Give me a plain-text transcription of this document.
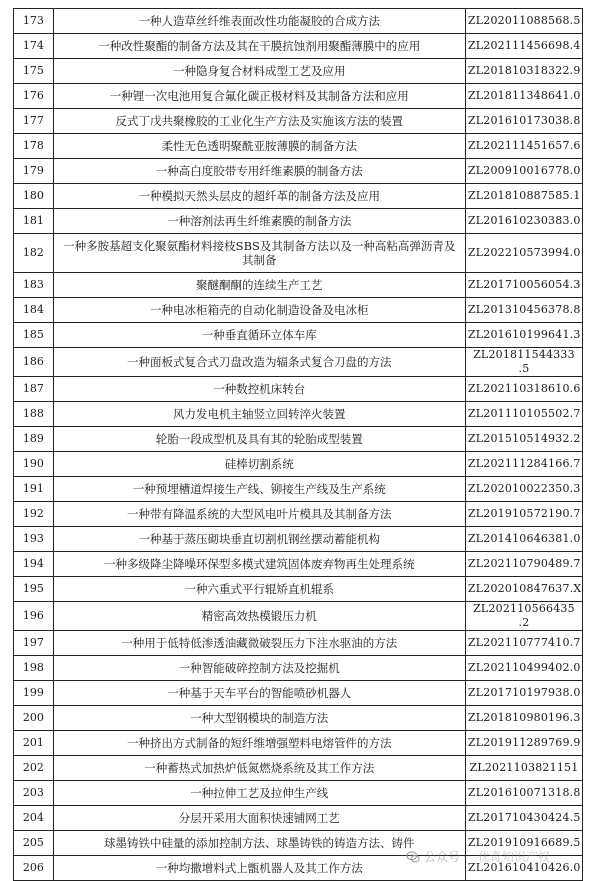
173	一种人造草丝纤维表面改性功能凝胶的合成方法	ZL202011088568.5
174	一种改性聚酯的制备方法及其在干膜抗蚀剂用聚酯薄膜中的应用	ZL202111456698.4
175	一种隐身复合材料成型工艺及应用	ZL201810318322.9
176	一种锂一次电池用复合氟化碳正极材料及其制备方法和应用	ZL201811348641.0
177	反式丁戊共聚橡胶的工业化生产方法及实施该方法的装置	ZL201610173038.8
178	柔性无色透明聚酰亚胺薄膜的制备方法	ZL202111451657.6
179	一种高白度胶带专用纤维素膜的制备方法	ZL200910016778.0
180	一种模拟天然头层皮的超纤革的制备方法及应用	ZL201810887585.1
181	一种溶剂法再生纤维素膜的制备方法	ZL201610230383.0
182	一种多胺基超支化聚氨酯材料接枝SBS及其制备方法以及一种高粘高弹沥青及其制备	ZL202210573994.0
183	聚醚酮酮的连续生产工艺	ZL201710056054.3
184	一种电冰柜箱壳的自动化制造设备及电冰柜	ZL201310456378.8
185	一种垂直循环立体车库	ZL201610199641.3
186	一种面板式复合式刀盘改造为辐条式复合刀盘的方法	ZL201811544333 .5
187	一种数控机床转台	ZL202110318610.6
188	风力发电机主轴竖立回转淬火装置	ZL201110105502.7
189	轮胎一段成型机及具有其的轮胎成型装置	ZL201510514932.2
190	硅棒切割系统	ZL202111284166.7
191	一种预埋槽道焊接生产线、铆接生产线及生产系统	ZL202010022350.3
192	一种带有降温系统的大型风电叶片模具及其制备方法	ZL201910572190.7
193	一种基于蒸压砌块垂直切割机钢丝摆动蓄能机构	ZL201410646381.0
194	一种多级降尘降噪环保型多模式建筑固体废弃物再生处理系统	ZL202110790489.7
195	一种六重式平行辊矫直机辊系	ZL202010847637.X
196	精密高效热模锻压力机	ZL202110566435 .2
197	一种用于低特低渗透油藏微破裂压力下注水驱油的方法	ZL202110777410.7
198	一种智能破碎控制方法及挖掘机	ZL202110499402.0
199	一种基于天车平台的智能喷砂机器人	ZL201710197938.0
200	一种大型钢模块的制造方法	ZL201810980196.3
201	一种挤出方式制备的短纤维增强塑料电熔管件的方法	ZL201911289769.9
202	一种蓄热式加热炉低氮燃烧系统及其工作方法	ZL2021103821151
203	一种拉伸工艺及拉伸生产线	ZL201610071318.8
204	分层开采用大面积快速铺网工艺	ZL201710430424.5
205	球墨铸铁中硅量的添加控制方法、球墨铸铁的铸造方法、铸件	ZL201910916689.5
206	一种均撒增料式上甑机器人及其工作方法	ZL201610410426.0
公众号 · 优奇知识产权
